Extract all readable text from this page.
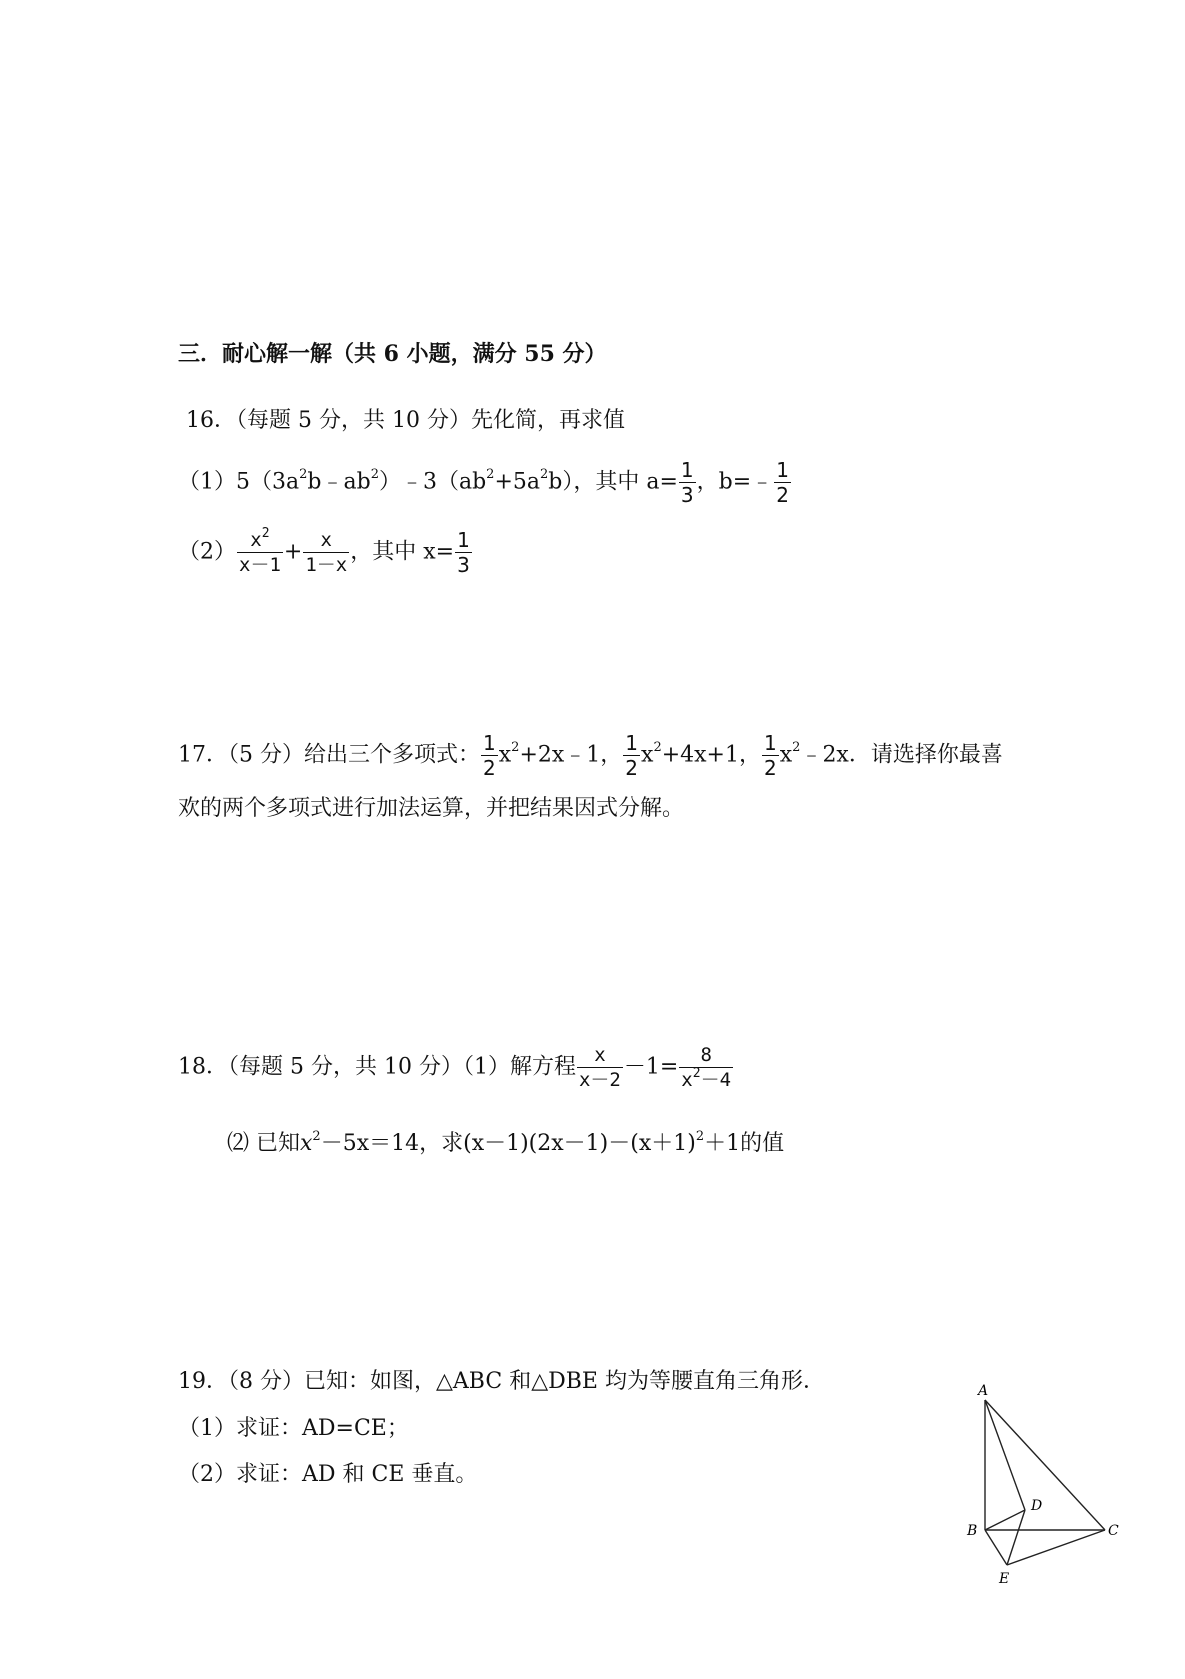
三．耐心解一解（共 6 小题，满分 55 分）
16．（每题 5 分，共 10 分）先化简，再求值
$(1)5(3a^2b﹣ab^2)﹣3(ab^2+5a^2b)$，其中 $a= \frac{1}{3}$ ，b=﹣ $\frac{1}{2}$
$(2) \frac{x^2}{x-1} + \frac{x}{1-x}$ ，其中 $x= \frac{1}{3}$
17．（5 分）给出三个多项式： $\frac{1}{2}$ $x^2+2x﹣1$， $\frac{1}{2} x^2+4x+1$， $\frac{1}{2}$ $x^2﹣2x$．请选择你最喜
欢的两个多项式进行加法运算，并把结果因式分解。
18．（每题 5 分，共 10 分）（1）解方程 $\frac{x}{x-2} -1= \frac{8}{x^2-4}$
⑵ 已知$x^2-5x=14$，求$(x-1)(2x-1)-(x+1)^2+1$的值
19．（8 分）已知：如图，△ABC 和△DBE 均为等腰直角三角形．
（1）求证：AD=CE；
（2）求证：AD 和 CE 垂直。
A
B	C
D
E
